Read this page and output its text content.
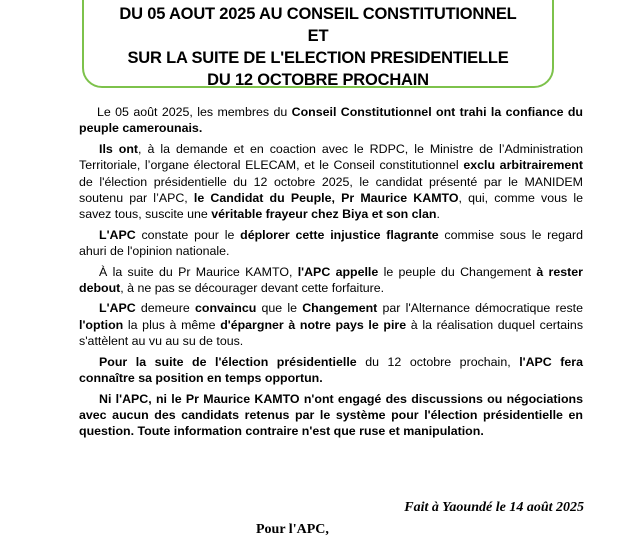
DU 05 AOUT 2025 AU CONSEIL CONSTITUTIONNEL
ET
SUR LA SUITE DE L'ELECTION PRESIDENTIELLE
DU 12 OCTOBRE PROCHAIN

Le 05 août 2025, les membres du Conseil Constitutionnel ont trahi la confiance du peuple camerounais.

Ils ont, à la demande et en coaction avec le RDPC, le Ministre de l’Administration Territoriale, l’organe électoral ELECAM, et le Conseil constitutionnel exclu arbitrairement de l'élection présidentielle du 12 octobre 2025, le candidat présenté par le MANIDEM soutenu par l’APC, le Candidat du Peuple, Pr Maurice KAMTO, qui, comme vous le savez tous, suscite une véritable frayeur chez Biya et son clan.

L'APC constate pour le déplorer cette injustice flagrante commise sous le regard ahuri de l'opinion nationale.

À la suite du Pr Maurice KAMTO, l'APC appelle le peuple du Changement à rester debout, à ne pas se décourager devant cette forfaiture.

L'APC demeure convaincu que le Changement par l'Alternance démocratique reste l'option la plus à même d'épargner à notre pays le pire à la réalisation duquel certains s'attèlent au vu au su de tous.

Pour la suite de l'élection présidentielle du 12 octobre prochain, l'APC fera connaître sa position en temps opportun.

Ni l'APC, ni le Pr Maurice KAMTO n'ont engagé des discussions ou négociations avec aucun des candidats retenus par le système pour l'élection présidentielle en question. Toute information contraire n'est que ruse et manipulation.

Fait à Yaoundé le 14 août 2025
Pour l'APC,
